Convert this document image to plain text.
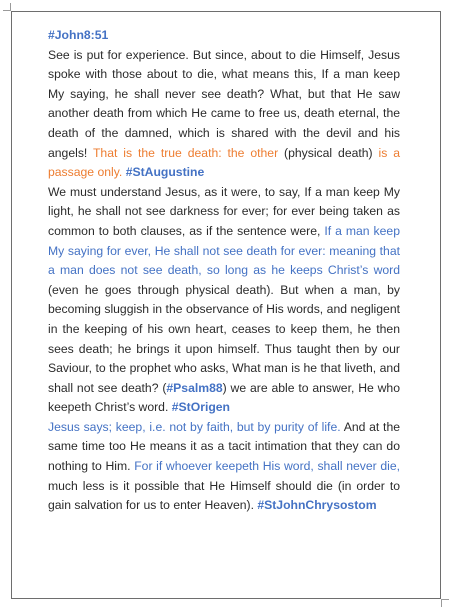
#John8:51

See is put for experience. But since, about to die Himself, Jesus spoke with those about to die, what means this, If a man keep My saying, he shall never see death? What, but that He saw another death from which He came to free us, death eternal, the death of the damned, which is shared with the devil and his angels! That is the true death: the other (physical death) is a passage only. #StAugustine

We must understand Jesus, as it were, to say, If a man keep My light, he shall not see darkness for ever; for ever being taken as common to both clauses, as if the sentence were, If a man keep My saying for ever, He shall not see death for ever: meaning that a man does not see death, so long as he keeps Christ’s word (even he goes through physical death). But when a man, by becoming sluggish in the observance of His words, and negligent in the keeping of his own heart, ceases to keep them, he then sees death; he brings it upon himself. Thus taught then by our Saviour, to the prophet who asks, What man is he that liveth, and shall not see death? (#Psalm88) we are able to answer, He who keepeth Christ’s word. #StOrigen

Jesus says; keep, i.e. not by faith, but by purity of life. And at the same time too He means it as a tacit intimation that they can do nothing to Him. For if whoever keepeth His word, shall never die, much less is it possible that He Himself should die (in order to gain salvation for us to enter Heaven). #StJohnChrysostom
